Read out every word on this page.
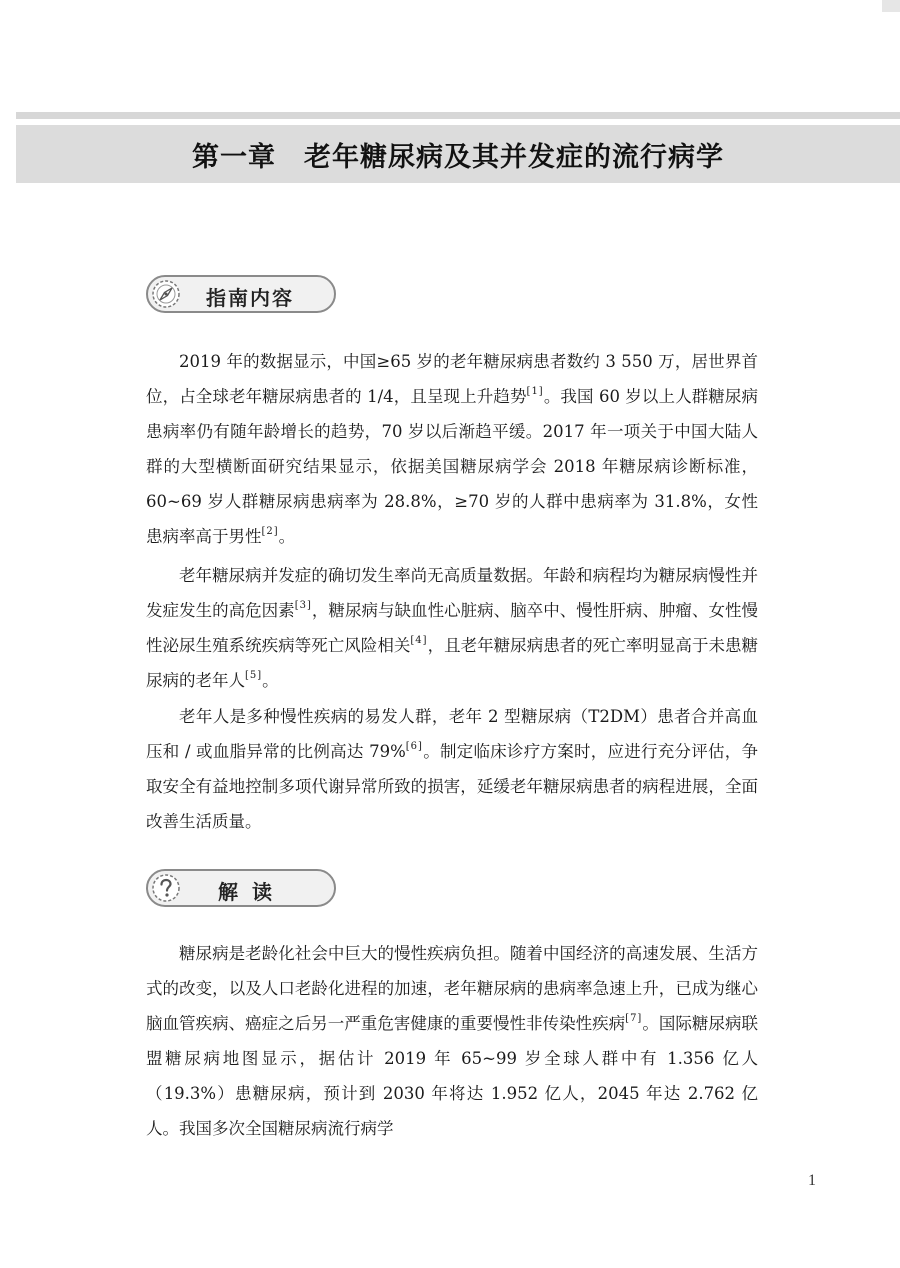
第一章　老年糖尿病及其并发症的流行病学
指南内容

2019 年的数据显示，中国≥65 岁的老年糖尿病患者数约 3 550 万，居世界首位，占全球老年糖尿病患者的 1/4，且呈现上升趋势[1]。我国 60 岁以上人群糖尿病患病率仍有随年龄增长的趋势，70 岁以后渐趋平缓。2017 年一项关于中国大陆人群的大型横断面研究结果显示，依据美国糖尿病学会 2018 年糖尿病诊断标准，60~69 岁人群糖尿病患病率为 28.8%，≥70 岁的人群中患病率为 31.8%，女性患病率高于男性[2]。

老年糖尿病并发症的确切发生率尚无高质量数据。年龄和病程均为糖尿病慢性并发症发生的高危因素[3]，糖尿病与缺血性心脏病、脑卒中、慢性肝病、肿瘤、女性慢性泌尿生殖系统疾病等死亡风险相关[4]，且老年糖尿病患者的死亡率明显高于未患糖尿病的老年人[5]。

老年人是多种慢性疾病的易发人群，老年 2 型糖尿病（T2DM）患者合并高血压和 / 或血脂异常的比例高达 79%[6]。制定临床诊疗方案时，应进行充分评估，争取安全有益地控制多项代谢异常所致的损害，延缓老年糖尿病患者的病程进展，全面改善生活质量。

解读

糖尿病是老龄化社会中巨大的慢性疾病负担。随着中国经济的高速发展、生活方式的改变，以及人口老龄化进程的加速，老年糖尿病的患病率急速上升，已成为继心脑血管疾病、癌症之后另一严重危害健康的重要慢性非传染性疾病[7]。国际糖尿病联盟糖尿病地图显示，据估计 2019 年 65~99 岁全球人群中有 1.356 亿人（19.3%）患糖尿病，预计到 2030 年将达 1.952 亿人，2045 年达 2.762 亿人。我国多次全国糖尿病流行病学

1
